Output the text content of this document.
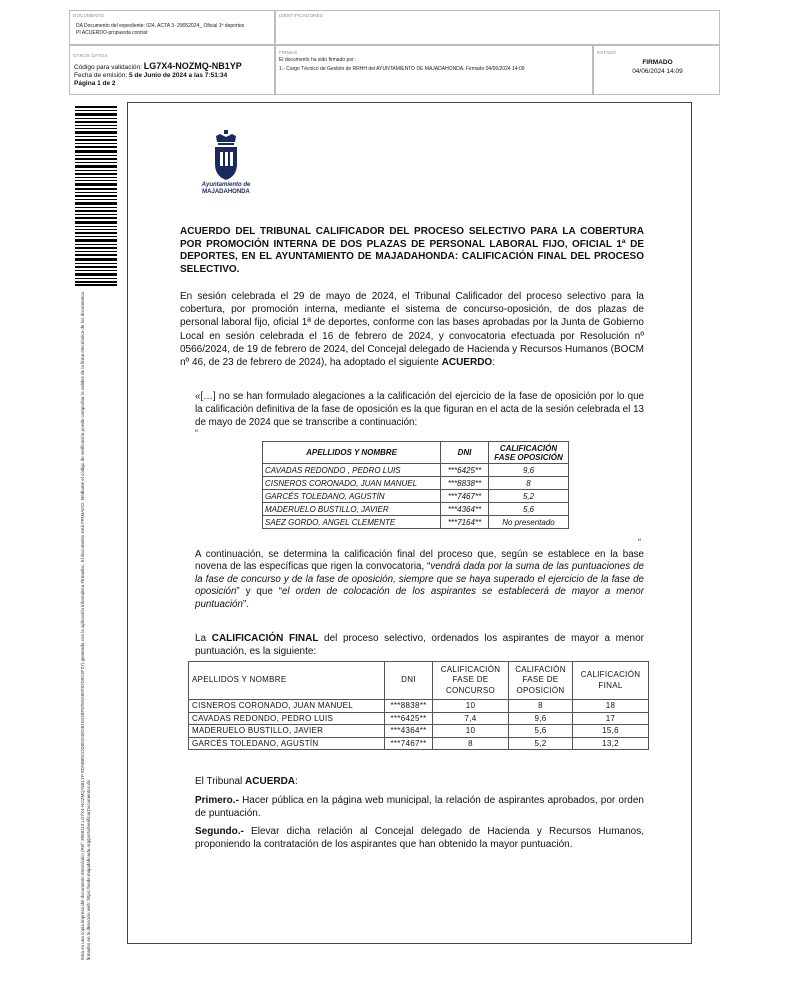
DOCUMENTO
DA Documento del expediente: 024, ACTA 3- 29052024_ Oficial 1ª deportes PI ACUERDO-propuesta contrat
IDENTIFICADORES
OTROS DATOS
Código para validación: LG7X4-NOZMQ-NB1YP
Fecha de emisión: 5 de Junio de 2024 a las 7:51:34
Página 1 de 2
FIRMAS
El documento ha sido firmado por :
1.- Cargo Técnico de Gestión de RRHH del AYUNTAMIENTO DE MAJADAHONDA. Firmado 04/06/2024 14:09
ESTADO
FIRMADO
04/06/2024 14:09
Esta es una copia impresa del documento electrónico (Ref: 3068113 LG7X4-NOZMQ-NB1YP 8DAB80CDD0DD4EDB1041BF87E8A65F87D0C5F27) generada con la aplicación informática Firmadoc. El documento está FIRMADO. Mediante el código de verificación puede comprobar la validez de la firma electrónica de los documentos firmados en la dirección web: https://sede.majadahonda.org/portal/verificarDocumentos.do
Ayuntamiento de
MAJADAHONDA
ACUERDO DEL TRIBUNAL CALIFICADOR DEL PROCESO SELECTIVO PARA LA COBERTURA POR PROMOCIÓN INTERNA DE DOS PLAZAS DE PERSONAL LABORAL FIJO, OFICIAL 1ª DE DEPORTES, EN EL AYUNTAMIENTO DE MAJADAHONDA: CALIFICACIÓN FINAL DEL PROCESO SELECTIVO.
En sesión celebrada el 29 de mayo de 2024, el Tribunal Calificador del proceso selectivo para la cobertura, por promoción interna, mediante el sistema de concurso-oposición, de dos plazas de personal laboral fijo, oficial 1ª de deportes, conforme con las bases aprobadas por la Junta de Gobierno Local en sesión celebrada el 16 de febrero de 2024, y convocatoria efectuada por Resolución nº 0566/2024, de 19 de febrero de 2024, del Concejal delegado de Hacienda y Recursos Humanos (BOCM nº 46, de 23 de febrero de 2024), ha adoptado el siguiente ACUERDO:
«[…] no se han formulado alegaciones a la calificación del ejercicio de la fase de oposición por lo que la calificación definitiva de la fase de oposición es la que figuran en el acta de la sesión celebrada el 13 de mayo de 2024 que se transcribe a continuación:
“
APELLIDOS Y NOMBRE	DNI	CALIFICACIÓN FASE OPOSICIÓN
CAVADAS REDONDO , PEDRO LUIS	***6425**	9,6
CISNEROS CORONADO, JUAN MANUEL	***8838**	8
GARCÉS TOLEDANO, AGUSTÍN	***7467**	5,2
MADERUELO BUSTILLO, JAVIER	***4364**	5,6
SAEZ GORDO, ANGEL CLEMENTE	***7164**	No presentado
“
A continuación, se determina la calificación final del proceso que, según se establece en la base novena de las específicas que rigen la convocatoria, “vendrá dada por la suma de las puntuaciones de la fase de concurso y de la fase de oposición, siempre que se haya superado el ejercicio de la fase de oposición” y que “el orden de colocación de los aspirantes se establecerá de mayor a menor puntuación”.
La CALIFICACIÓN FINAL del proceso selectivo, ordenados los aspirantes de mayor a menor puntuación, es la siguiente:
APELLIDOS Y NOMBRE	DNI	CALIFICACIÓN FASE DE CONCURSO	CALIFACIÓN FASE DE OPOSICIÓN	CALIFICACIÓN FINAL
CISNEROS CORONADO, JUAN MANUEL	***8838**	10	8	18
CAVADAS REDONDO, PEDRO LUIS	***6425**	7,4	9,6	17
MADERUELO BUSTILLO, JAVIER	***4364**	10	5,6	15,6
GARCÉS TOLEDANO, AGUSTÍN	***7467**	8	5,2	13,2
El Tribunal ACUERDA:
Primero.- Hacer pública en la página web municipal, la relación de aspirantes aprobados, por orden de puntuación.
Segundo.- Elevar dicha relación al Concejal delegado de Hacienda y Recursos Humanos, proponiendo la contratación de los aspirantes que han obtenido la mayor puntuación.
